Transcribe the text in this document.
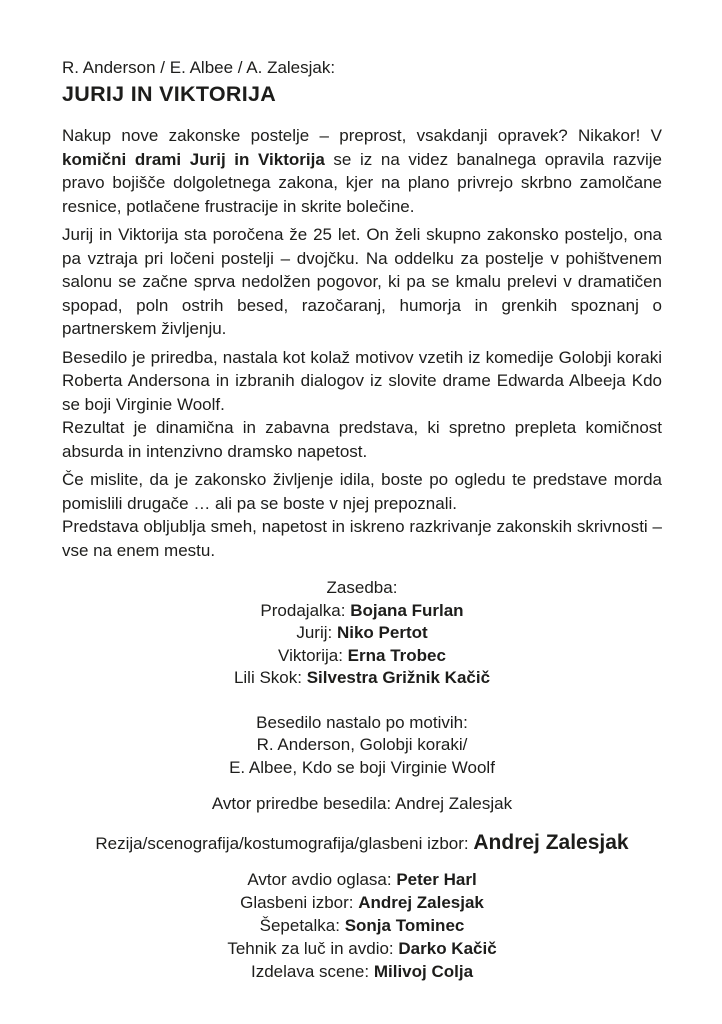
R. Anderson / E. Albee / A. Zalesjak:
JURIJ IN VIKTORIJA

Nakup nove zakonske postelje – preprost, vsakdanji opravek? Nikakor! V komični drami Jurij in Viktorija se iz na videz banalnega opravila razvije pravo bojišče dolgoletnega zakona, kjer na plano privrejo skrbno zamolčane resnice, potlačene frustracije in skrite bolečine.

Jurij in Viktorija sta poročena že 25 let. On želi skupno zakonsko posteljo, ona pa vztraja pri ločeni postelji – dvojčku. Na oddelku za postelje v pohištvenem salonu se začne sprva nedolžen pogovor, ki pa se kmalu prelevi v dramatičen spopad, poln ostrih besed, razočaranj, humorja in grenkih spoznanj o partnerskem življenju.

Besedilo je priredba, nastala kot kolaž motivov vzetih iz komedije Golobji koraki Roberta Andersona in izbranih dialogov iz slovite drame Edwarda Albeeja Kdo se boji Virginie Woolf.

Rezultat je dinamična in zabavna predstava, ki spretno prepleta komičnost absurda in intenzivno dramsko napetost.

Če mislite, da je zakonsko življenje idila, boste po ogledu te predstave morda pomislili drugače … ali pa se boste v njej prepoznali.

Predstava obljublja smeh, napetost in iskreno razkrivanje zakonskih skrivnosti – vse na enem mestu.

Zasedba:
Prodajalka: Bojana Furlan
Jurij: Niko Pertot
Viktorija: Erna Trobec
Lili Skok: Silvestra Grižnik Kačič
Besedilo nastalo po motivih:
R. Anderson, Golobji koraki/
E. Albee, Kdo se boji Virginie Woolf
Avtor priredbe besedila: Andrej Zalesjak
Rezija/scenografija/kostumografija/glasbeni izbor: Andrej Zalesjak
Avtor avdio oglasa: Peter Harl
Glasbeni izbor: Andrej Zalesjak
Šepetalka: Sonja Tominec
Tehnik za luč in avdio: Darko Kačič
Izdelava scene: Milivoj Colja
